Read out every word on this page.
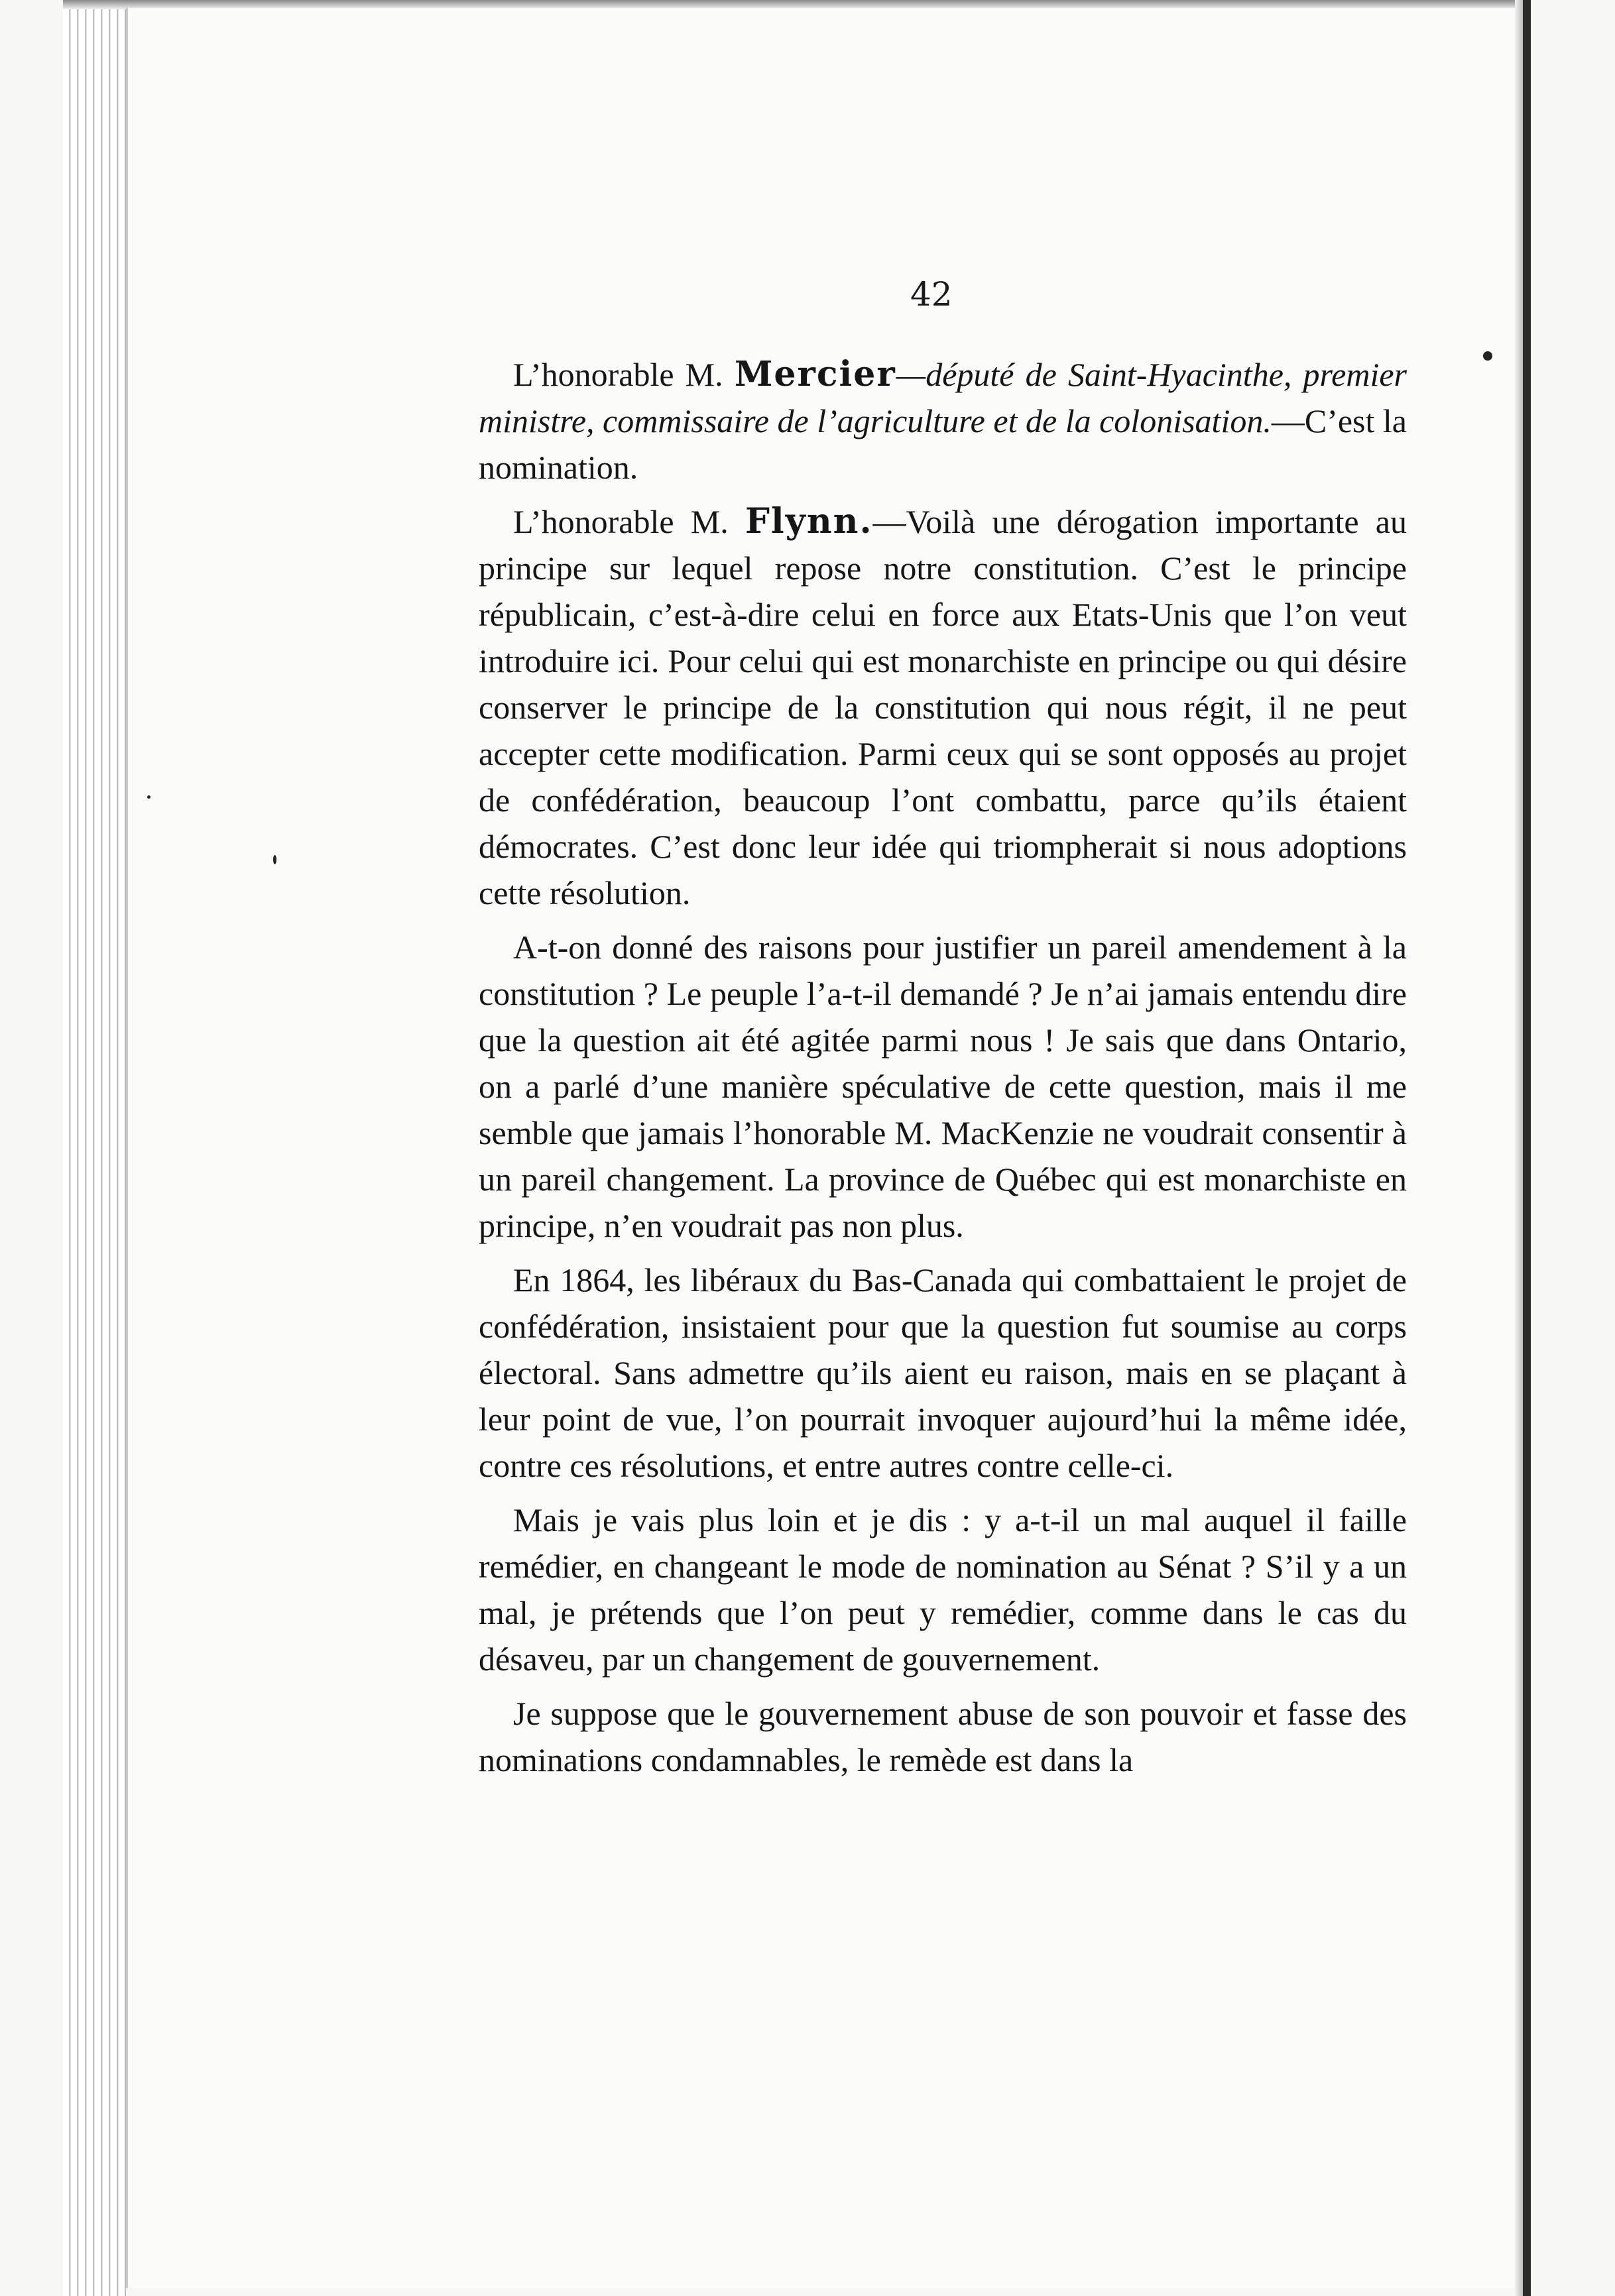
42

L’honorable M. Mercier—député de Saint-Hyacinthe, premier ministre, commissaire de l’agriculture et de la colonisation.—C’est la nomination.

L’honorable M. Flynn.—Voilà une dérogation importante au principe sur lequel repose notre constitution. C’est le principe républicain, c’est-à-dire celui en force aux Etats-Unis que l’on veut introduire ici. Pour celui qui est monarchiste en principe ou qui désire conserver le principe de la constitution qui nous régit, il ne peut accepter cette modification. Parmi ceux qui se sont opposés au projet de confédération, beaucoup l’ont combattu, parce qu’ils étaient démocrates. C’est donc leur idée qui triompherait si nous adoptions cette résolution.

A-t-on donné des raisons pour justifier un pareil amendement à la constitution ? Le peuple l’a-t-il demandé ? Je n’ai jamais entendu dire que la question ait été agitée parmi nous ! Je sais que dans Ontario, on a parlé d’une manière spéculative de cette question, mais il me semble que jamais l’honorable M. MacKenzie ne voudrait consentir à un pareil changement. La province de Québec qui est monarchiste en principe, n’en voudrait pas non plus.

En 1864, les libéraux du Bas-Canada qui combattaient le projet de confédération, insistaient pour que la question fut soumise au corps électoral. Sans admettre qu’ils aient eu raison, mais en se plaçant à leur point de vue, l’on pourrait invoquer aujourd’hui la même idée, contre ces résolutions, et entre autres contre celle-ci.

Mais je vais plus loin et je dis : y a-t-il un mal auquel il faille remédier, en changeant le mode de nomination au Sénat ? S’il y a un mal, je prétends que l’on peut y remédier, comme dans le cas du désaveu, par un changement de gouvernement.

Je suppose que le gouvernement abuse de son pouvoir et fasse des nominations condamnables, le remède est dans la
